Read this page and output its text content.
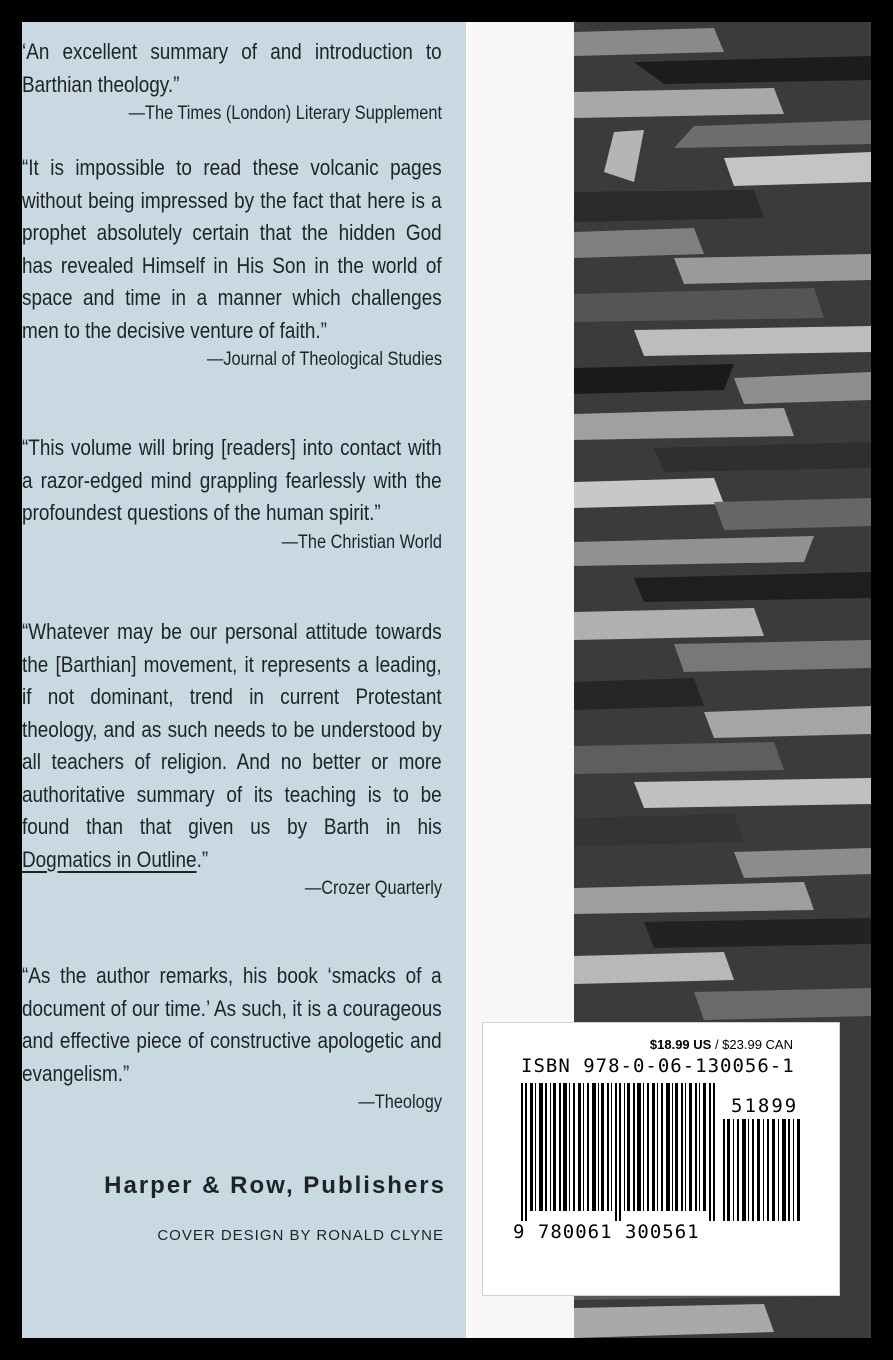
‘An excellent summary of and introduction to Barthian theology.”

—The Times (London) Literary Supplement

“It is impossible to read these volcanic pages without being impressed by the fact that here is a prophet absolutely certain that the hidden God has revealed Himself in His Son in the world of space and time in a manner which challenges men to the decisive venture of faith.”

—Journal of Theological Studies

“This volume will bring [readers] into contact with a razor-edged mind grappling fearlessly with the profoundest questions of the human spirit.”

—The Christian World

“Whatever may be our personal attitude towards the [Barthian] movement, it represents a leading, if not dominant, trend in current Protestant theology, and as such needs to be understood by all teachers of religion. And no better or more authoritative summary of its teaching is to be found than that given us by Barth in his Dogmatics in Outline.”

—Crozer Quarterly

“As the author remarks, his book ‘smacks of a document of our time.’ As such, it is a courageous and effective piece of constructive apologetic and evangelism.”

—Theology
Harper & Row, Publishers
COVER DESIGN BY RONALD CLYNE
$18.99 US / $23.99 CAN
ISBN 978-0-06-130056-1
51899
9 780061 300561
